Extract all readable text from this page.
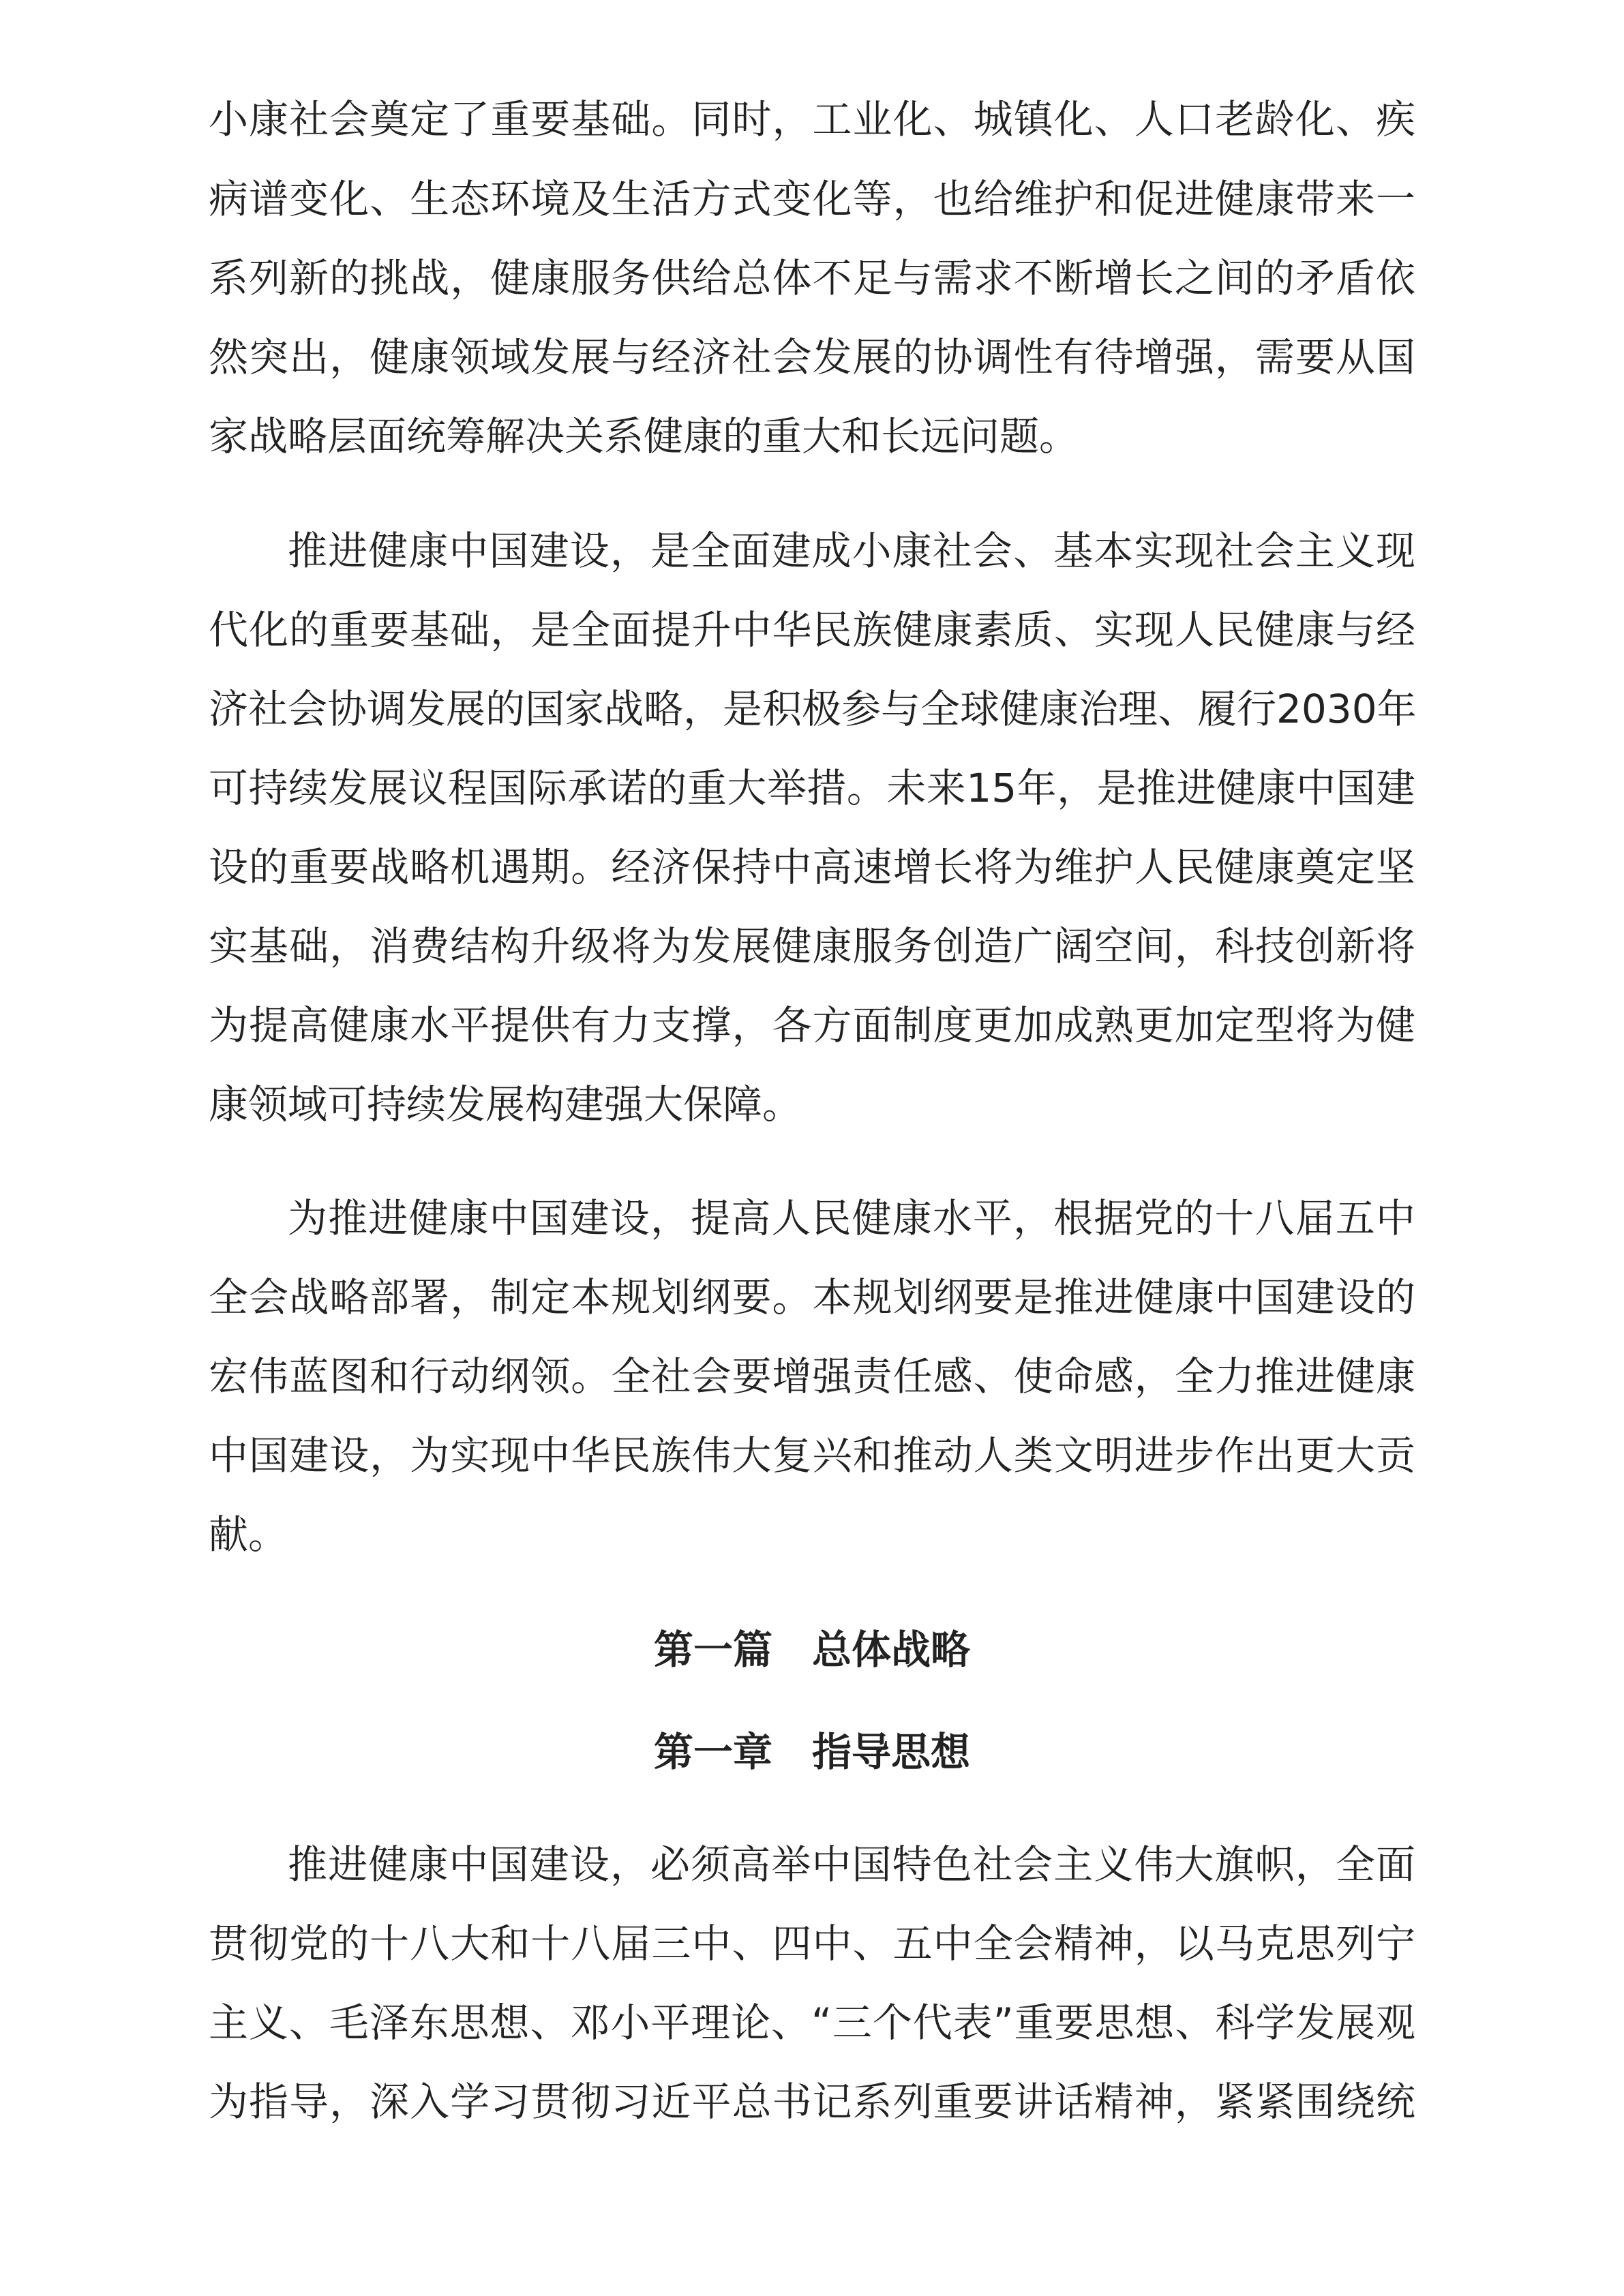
小康社会奠定了重要基础。同时，工业化、城镇化、人口老龄化、疾
病谱变化、生态环境及生活方式变化等，也给维护和促进健康带来一
系列新的挑战，健康服务供给总体不足与需求不断增长之间的矛盾依
然突出，健康领域发展与经济社会发展的协调性有待增强，需要从国
家战略层面统筹解决关系健康的重大和长远问题。
推进健康中国建设，是全面建成小康社会、基本实现社会主义现
代化的重要基础，是全面提升中华民族健康素质、实现人民健康与经
济社会协调发展的国家战略，是积极参与全球健康治理、履行2030年
可持续发展议程国际承诺的重大举措。未来15年，是推进健康中国建
设的重要战略机遇期。经济保持中高速增长将为维护人民健康奠定坚
实基础，消费结构升级将为发展健康服务创造广阔空间，科技创新将
为提高健康水平提供有力支撑，各方面制度更加成熟更加定型将为健
康领域可持续发展构建强大保障。
为推进健康中国建设，提高人民健康水平，根据党的十八届五中
全会战略部署，制定本规划纲要。本规划纲要是推进健康中国建设的
宏伟蓝图和行动纲领。全社会要增强责任感、使命感，全力推进健康
中国建设，为实现中华民族伟大复兴和推动人类文明进步作出更大贡
献。
第一篇　总体战略
第一章　指导思想
推进健康中国建设，必须高举中国特色社会主义伟大旗帜，全面
贯彻党的十八大和十八届三中、四中、五中全会精神，以马克思列宁
主义、毛泽东思想、邓小平理论、“三个代表”重要思想、科学发展观
为指导，深入学习贯彻习近平总书记系列重要讲话精神，紧紧围绕统
